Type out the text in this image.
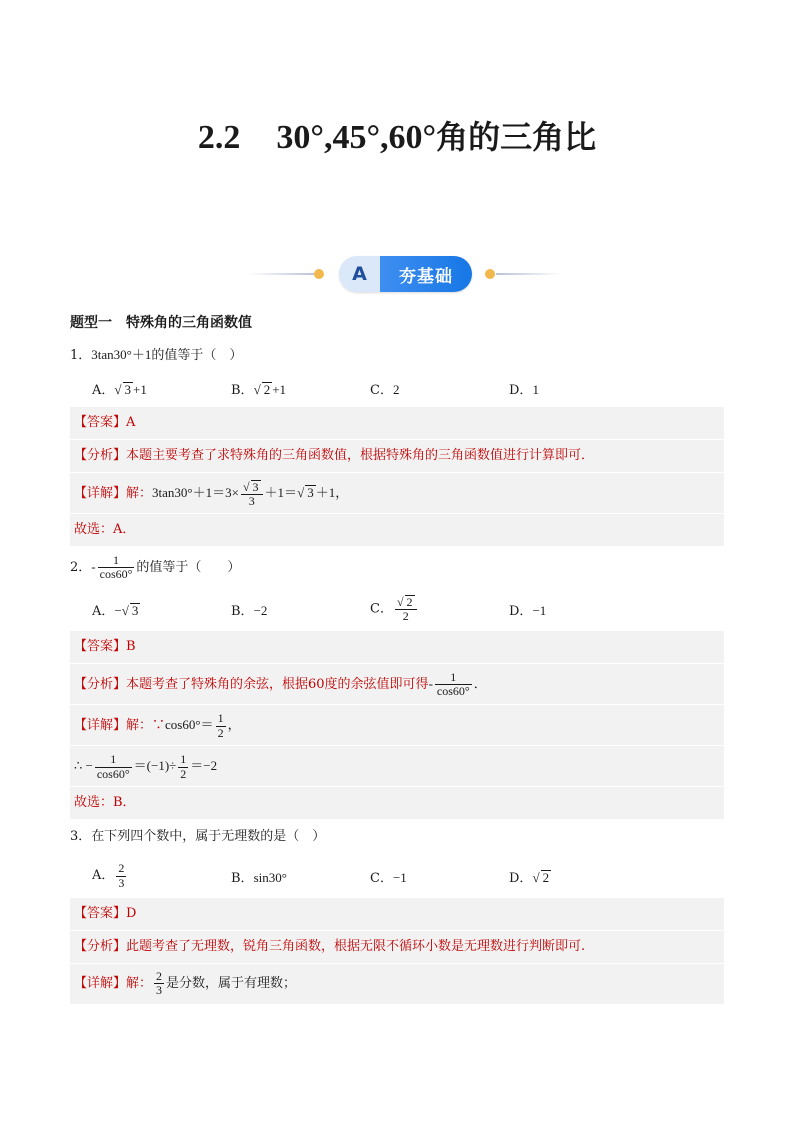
2.2 30°,45°,60°角的三角比
A	夯基础
题型一　特殊角的三角函数值
1．3tan30°＋1的值等于（　）
A．√ 3 +1	B．√ 2 +1	C．2	D．1
【答案】A
【分析】本题主要考查了求特殊角的三角函数值，根据特殊角的三角函数值进行计算即可．
【详解】解：$3\tan 30^\circ+1=3\times \frac{√ 3}{3} +1=√$ 3 ＋1，
故选：A．
2．- $\frac{1}{\cos 60^\circ}$ 的值等于（　　）
A．−√ 3	B．−2	C． $\frac{√ 2}{2}$	D．−1
【答案】B
【分析】本题考查了特殊角的余弦，根据60度的余弦值即可得- $\frac{1}{\cos 60^\circ}$ ．
【详解】解：∵cos60°＝ $\frac{1}{2}$ ，
∴ − $\frac{1}{\cos 60^\circ} =(-1)\div \frac{1}{2} =-2$
故选：B．
3．在下列四个数中，属于无理数的是（　）
A． $\frac{2}{3}$	B．sin30°	C．−1	D．√ 2
【答案】D
【分析】此题考查了无理数，锐角三角函数，根据无限不循环小数是无理数进行判断即可.
【详解】解： $\frac{2}{3}$ 是分数，属于有理数；
